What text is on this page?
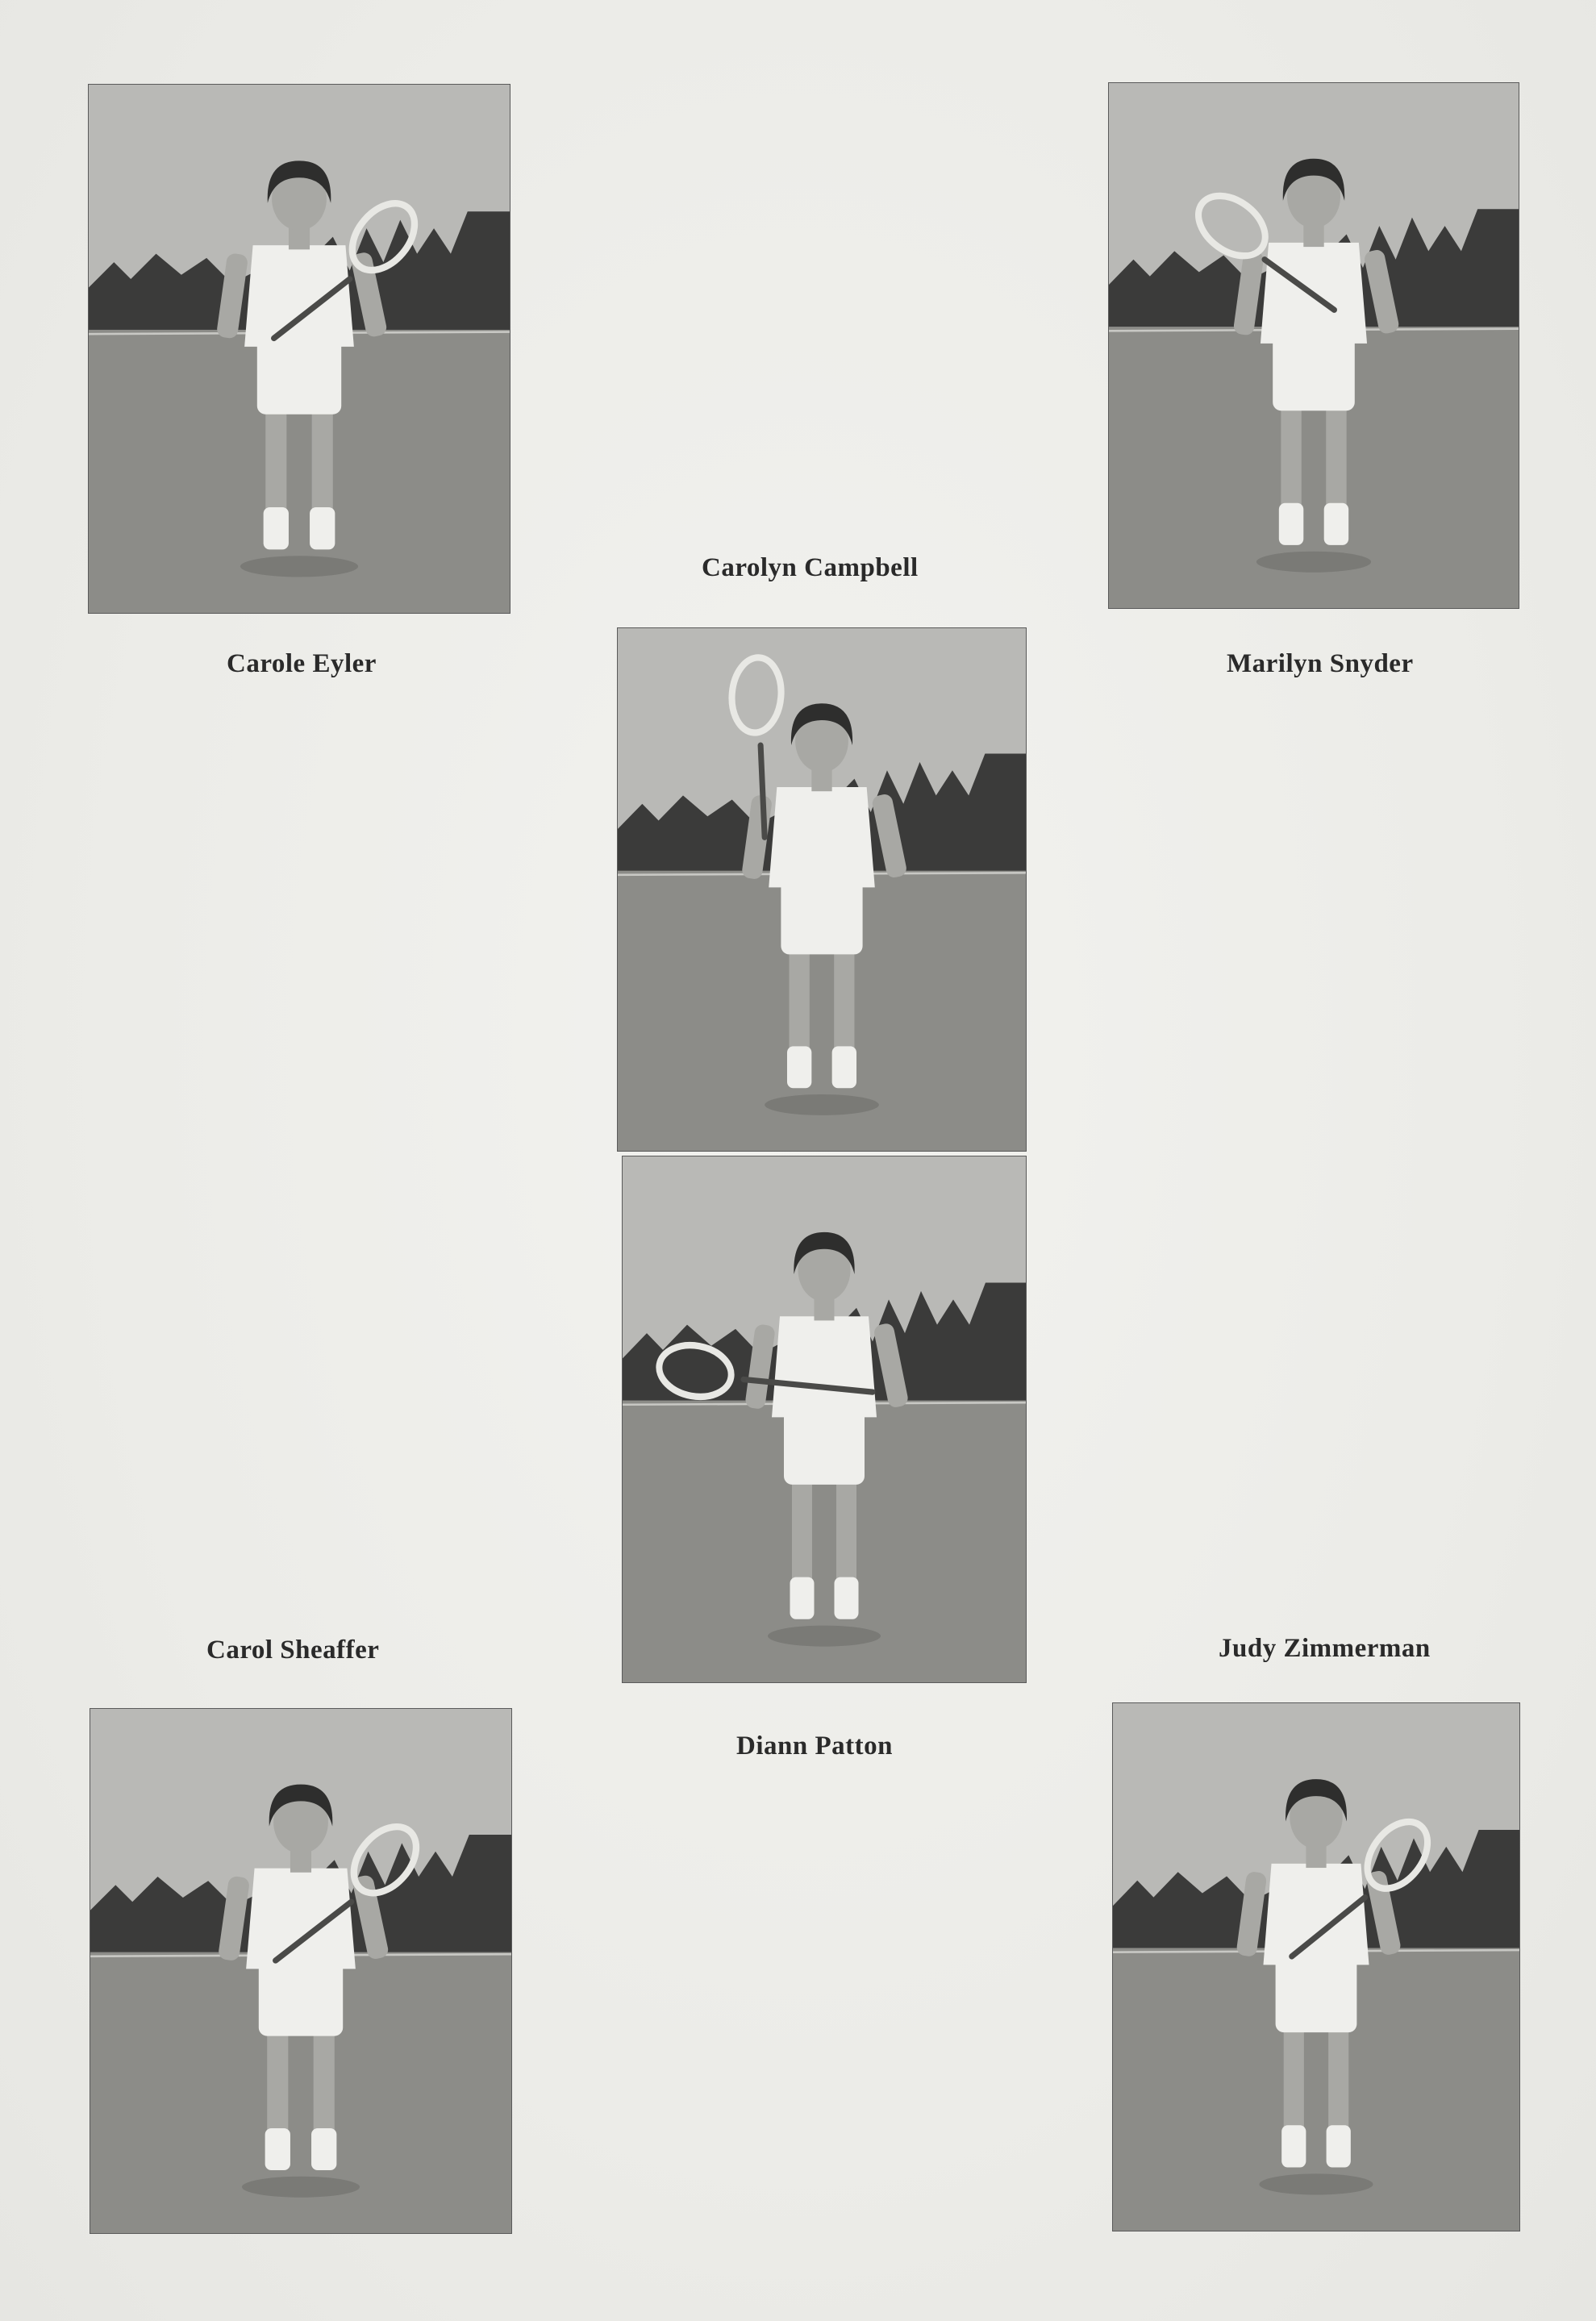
Carole Eyler	Marilyn Snyder
Carolyn Campbell
Diann Patton
Carol Sheaffer	Judy Zimmerman
